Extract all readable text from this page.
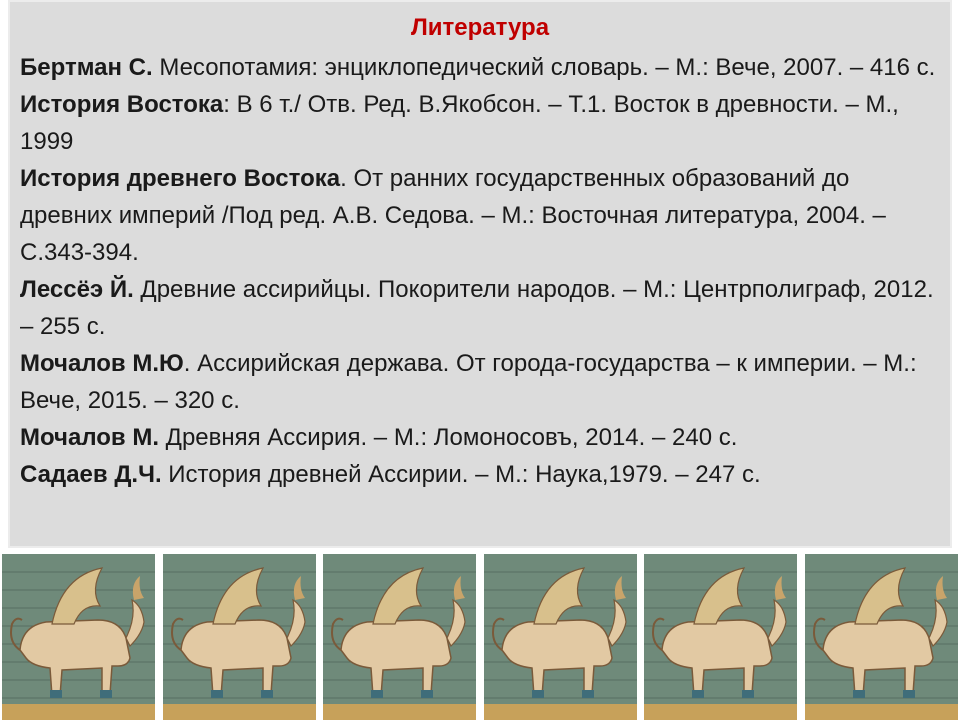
Литература
Бертман С. Месопотамия: энциклопедический словарь. – М.: Вече, 2007. – 416 с.
История Востока: В 6 т./ Отв. Ред. В.Якобсон. – Т.1. Восток в древности. – М., 1999
История древнего Востока. От ранних государственных образований до древних империй /Под ред. А.В. Седова. – М.: Восточная литература, 2004. – С.343-394.
Лессёэ Й. Древние ассирийцы. Покорители народов. – М.: Центрполиграф, 2012. – 255 с.
Мочалов М.Ю. Ассирийская держава. От города-государства – к империи. – М.: Вече, 2015. – 320 с.
Мочалов М. Древняя Ассирия. – М.: Ломоносовъ, 2014. – 240 с.
Садаев Д.Ч. История древней Ассирии. – М.: Наука,1979. – 247 с.
